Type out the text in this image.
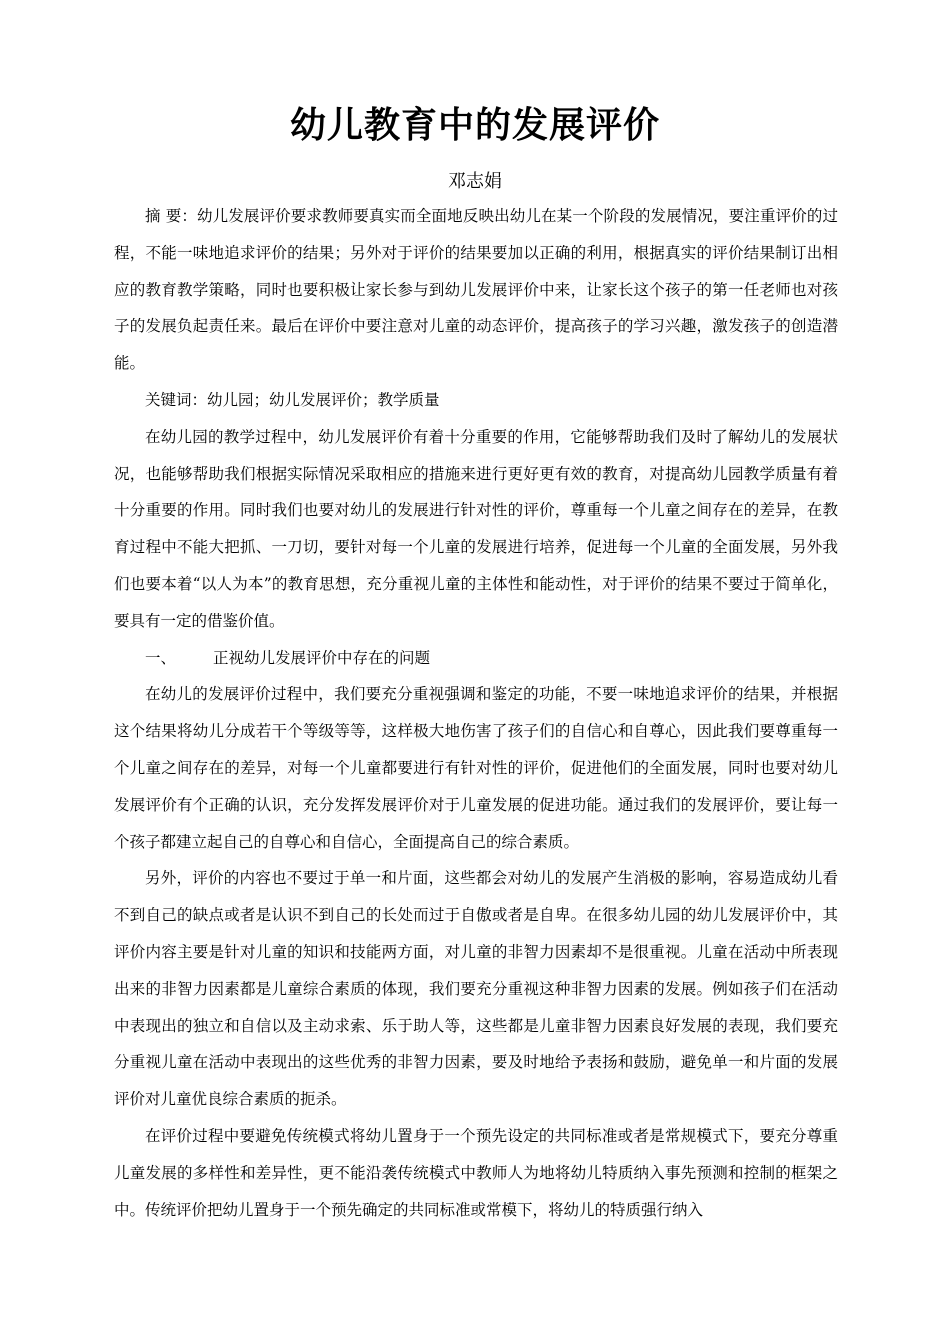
幼儿教育中的发展评价
邓志娟

摘 要：幼儿发展评价要求教师要真实而全面地反映出幼儿在某一个阶段的发展情况，要注重评价的过程，不能一味地追求评价的结果；另外对于评价的结果要加以正确的利用，根据真实的评价结果制订出相应的教育教学策略，同时也要积极让家长参与到幼儿发展评价中来，让家长这个孩子的第一任老师也对孩子的发展负起责任来。最后在评价中要注意对儿童的动态评价，提高孩子的学习兴趣，激发孩子的创造潜能。

关键词：幼儿园；幼儿发展评价；教学质量

在幼儿园的教学过程中，幼儿发展评价有着十分重要的作用，它能够帮助我们及时了解幼儿的发展状况，也能够帮助我们根据实际情况采取相应的措施来进行更好更有效的教育，对提高幼儿园教学质量有着十分重要的作用。同时我们也要对幼儿的发展进行针对性的评价，尊重每一个儿童之间存在的差异，在教育过程中不能大把抓、一刀切，要针对每一个儿童的发展进行培养，促进每一个儿童的全面发展，另外我们也要本着“以人为本”的教育思想，充分重视儿童的主体性和能动性，对于评价的结果不要过于简单化，要具有一定的借鉴价值。

一、 正视幼儿发展评价中存在的问题

在幼儿的发展评价过程中，我们要充分重视强调和鉴定的功能，不要一味地追求评价的结果，并根据这个结果将幼儿分成若干个等级等等，这样极大地伤害了孩子们的自信心和自尊心，因此我们要尊重每一个儿童之间存在的差异，对每一个儿童都要进行有针对性的评价，促进他们的全面发展，同时也要对幼儿发展评价有个正确的认识，充分发挥发展评价对于儿童发展的促进功能。通过我们的发展评价，要让每一个孩子都建立起自己的自尊心和自信心，全面提高自己的综合素质。

另外，评价的内容也不要过于单一和片面，这些都会对幼儿的发展产生消极的影响，容易造成幼儿看不到自己的缺点或者是认识不到自己的长处而过于自傲或者是自卑。在很多幼儿园的幼儿发展评价中，其评价内容主要是针对儿童的知识和技能两方面，对儿童的非智力因素却不是很重视。儿童在活动中所表现出来的非智力因素都是儿童综合素质的体现，我们要充分重视这种非智力因素的发展。例如孩子们在活动中表现出的独立和自信以及主动求索、乐于助人等，这些都是儿童非智力因素良好发展的表现，我们要充分重视儿童在活动中表现出的这些优秀的非智力因素，要及时地给予表扬和鼓励，避免单一和片面的发展评价对儿童优良综合素质的扼杀。

在评价过程中要避免传统模式将幼儿置身于一个预先设定的共同标准或者是常规模式下，要充分尊重儿童发展的多样性和差异性，更不能沿袭传统模式中教师人为地将幼儿特质纳入事先预测和控制的框架之中。传统评价把幼儿置身于一个预先确定的共同标准或常模下，将幼儿的特质强行纳入
